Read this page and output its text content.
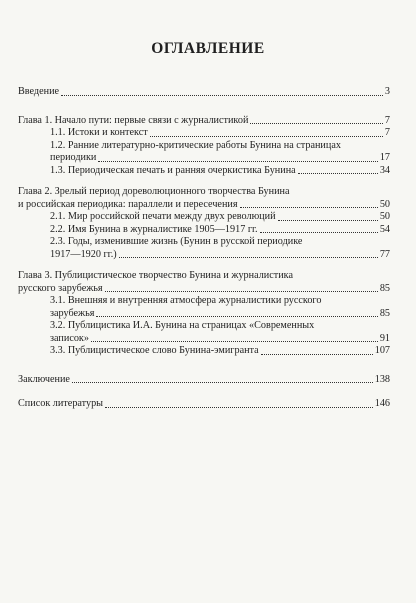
ОГЛАВЛЕНИЕ
Введение	3
Глава 1. Начало пути: первые связи с журналистикой	7
1.1. Истоки и контекст	7
1.2. Ранние литературно-критические работы Бунина на страницах
периодики	17
1.3. Периодическая печать и ранняя очеркистика Бунина	34
Глава 2. Зрелый период дореволюционного творчества Бунина
и российская периодика: параллели и пересечения	50
2.1. Мир российской печати между двух революций	50
2.2. Имя Бунина в журналистике 1905—1917 гг.	54
2.3. Годы, изменившие жизнь (Бунин в русской периодике
1917—1920 гг.)	77
Глава 3. Публицистическое творчество Бунина и журналистика
русского зарубежья	85
3.1. Внешняя и внутренняя атмосфера журналистики русского
зарубежья	85
3.2. Публицистика И.А. Бунина на страницах «Современных
записок»	91
3.3. Публицистическое слово Бунина-эмигранта	107
Заключение	138
Список литературы	146
